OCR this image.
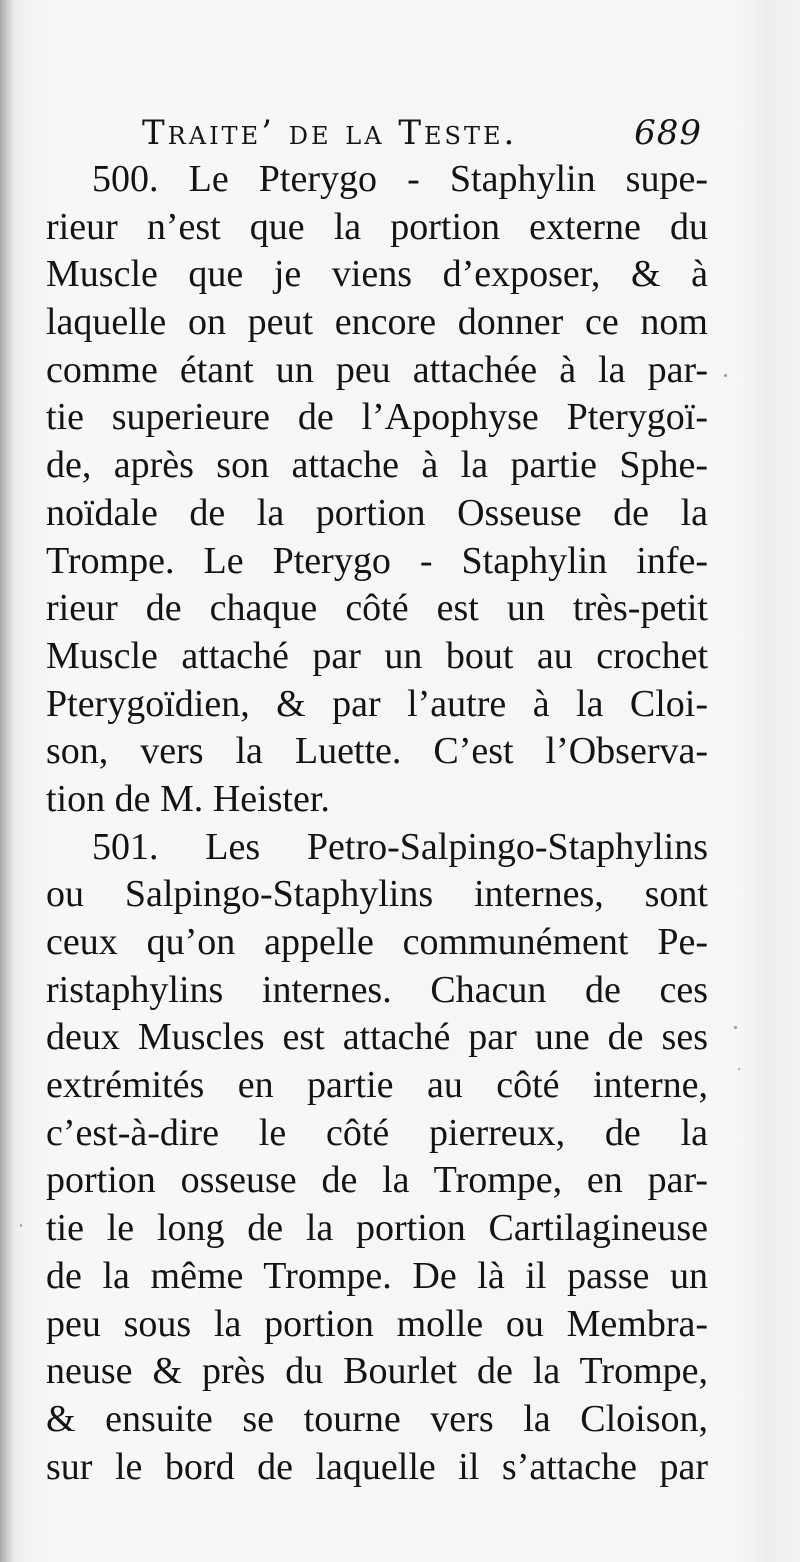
Traite’ de la Teste.	689
500. Le Pterygo - Staphylin supe-
rieur n’est que la portion externe du
Muscle que je viens d’exposer, & à
laquelle on peut encore donner ce nom
comme étant un peu attachée à la par-
tie superieure de l’Apophyse Pterygoï-
de, après son attache à la partie Sphe-
noïdale de la portion Osseuse de la
Trompe. Le Pterygo - Staphylin infe-
rieur de chaque côté est un très-petit
Muscle attaché par un bout au crochet
Pterygoïdien, & par l’autre à la Cloi-
son, vers la Luette. C’est l’Observa-
tion de M. Heister.
501. Les Petro-Salpingo-Staphylins
ou Salpingo-Staphylins internes, sont
ceux qu’on appelle communément Pe-
ristaphylins internes. Chacun de ces
deux Muscles est attaché par une de ses
extrémités en partie au côté interne,
c’est-à-dire le côté pierreux, de la
portion osseuse de la Trompe, en par-
tie le long de la portion Cartilagineuse
de la même Trompe. De là il passe un
peu sous la portion molle ou Membra-
neuse & près du Bourlet de la Trompe,
& ensuite se tourne vers la Cloison,
sur le bord de laquelle il s’attache par
